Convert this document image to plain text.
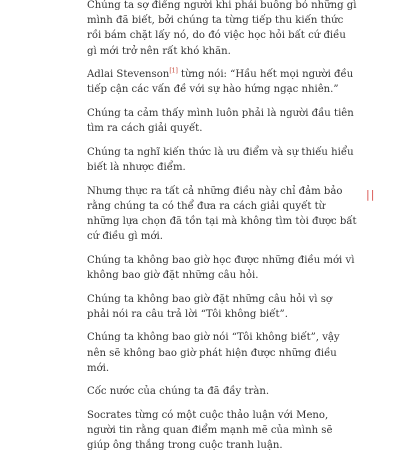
Chúng ta sợ điếng người khi phải buông bỏ những gì mình đã biết, bởi chúng ta từng tiếp thu kiến thức rồi bám chặt lấy nó, do đó việc học hỏi bất cứ điều gì mới trở nên rất khó khăn.

Adlai Stevenson[1] từng nói: “Hầu hết mọi người đều tiếp cận các vấn đề với sự hào hứng ngạc nhiên.”

Chúng ta cảm thấy mình luôn phải là người đầu tiên tìm ra cách giải quyết.

Chúng ta nghĩ kiến thức là ưu điểm và sự thiếu hiểu biết là nhược điểm.

Nhưng thực ra tất cả những điều này chỉ đảm bảo rằng chúng ta có thể đưa ra cách giải quyết từ những lựa chọn đã tồn tại mà không tìm tòi được bất cứ điều gì mới.

Chúng ta không bao giờ học được những điều mới vì không bao giờ đặt những câu hỏi.

Chúng ta không bao giờ đặt những câu hỏi vì sợ phải nói ra câu trả lời “Tôi không biết”.

Chúng ta không bao giờ nói “Tôi không biết”, vậy nên sẽ không bao giờ phát hiện được những điều mới.

Cốc nước của chúng ta đã đầy tràn.

Socrates từng có một cuộc thảo luận với Meno, người tin rằng quan điểm mạnh mẽ của mình sẽ giúp ông thắng trong cuộc tranh luận.

||
